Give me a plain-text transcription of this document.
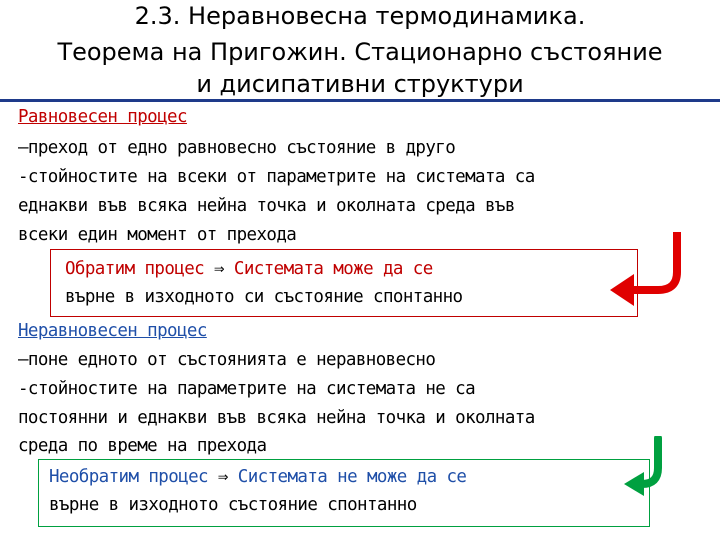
2.3. Неравновесна термодинамика.
Теорема на Пригожин. Стационарно състояние
и дисипативни структури
Равновесен процес
–преход от едно равновесно състояние в друго
-стойностите на всеки от параметрите на системата са
еднакви във всяка нейна точка и околната среда във
всеки един момент от прехода
Обратим процес ⇒ Системата може да се
върне в изходното си състояние спонтанно
Неравновесен процес
–поне едното от състоянията е неравновесно
-стойностите на параметрите на системата не са
постоянни и еднакви във всяка нейна точка и околната
среда по време на прехода
Необратим процес ⇒ Системата не може да се
върне в изходното състояние спонтанно
